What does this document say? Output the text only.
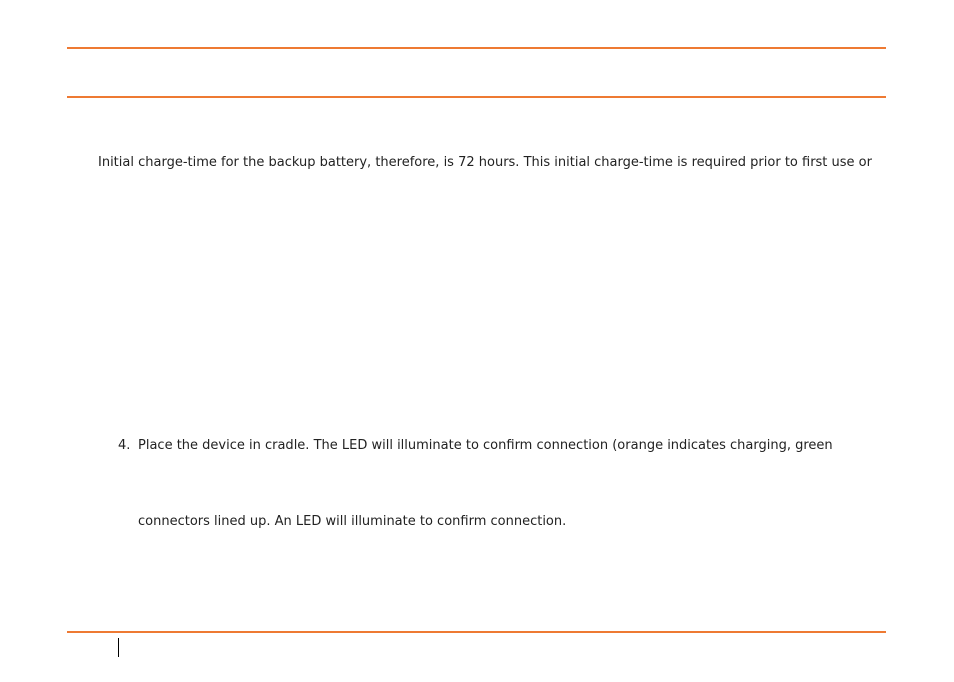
Initial charge-time for the backup battery, therefore, is 72 hours. This initial charge-time is required prior to first use or
4. Place the device in cradle. The LED will illuminate to confirm connection (orange indicates charging, green
connectors lined up. An LED will illuminate to confirm connection.
